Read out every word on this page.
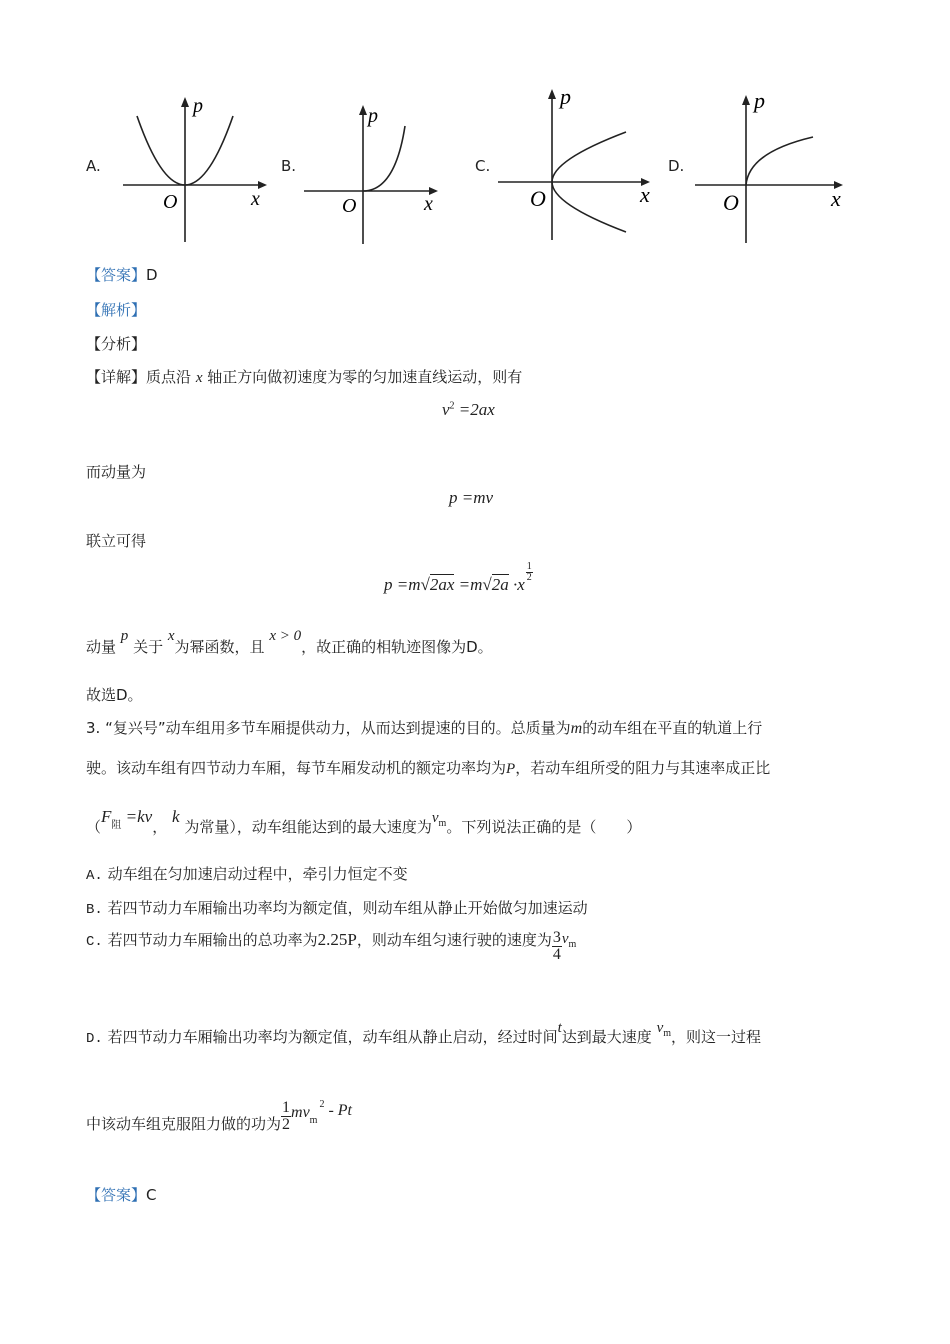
A.
p
x
O
B.
p
x
O
C.
p
x
O
D.
p
x
O
【答案】D
【解析】
【分析】
【详解】质点沿 x 轴正方向做初速度为零的匀加速直线运动，则有
$v^2 =2ax$
而动量为
p =mv
联立可得
p =m√2ax =m√2a ·x
$\frac{1}{2}$
动量 p 关于 x为幂函数，且 x > 0，故正确的相轨迹图像为D。
故选D。
3. “复兴号”动车组用多节车厢提供动力，从而达到提速的目的。总质量为m的动车组在平直的轨道上行
驶。该动车组有四节动力车厢，每节车厢发动机的额定功率均为P，若动车组所受的阻力与其速率成正比
（$F_阻 =kv$， k 为常量），动车组能达到的最大速度为$v_m$。下列说法正确的是（　　）
A. 动车组在匀加速启动过程中，牵引力恒定不变
B. 若四节动力车厢输出功率均为额定值，则动车组从静止开始做匀加速运动
C. 若四节动力车厢输出的总功率为2.25P，则动车组匀速行驶的速度为 $\frac{3}{4} v^m$
D. 若四节动力车厢输出功率均为额定值，动车组从静止启动，经过时间t达到最大速度 $v_m$，则这一过程
中该动车组克服阻力做的功为 $\frac{1}{2} mvm^2$ - Pt
【答案】C
